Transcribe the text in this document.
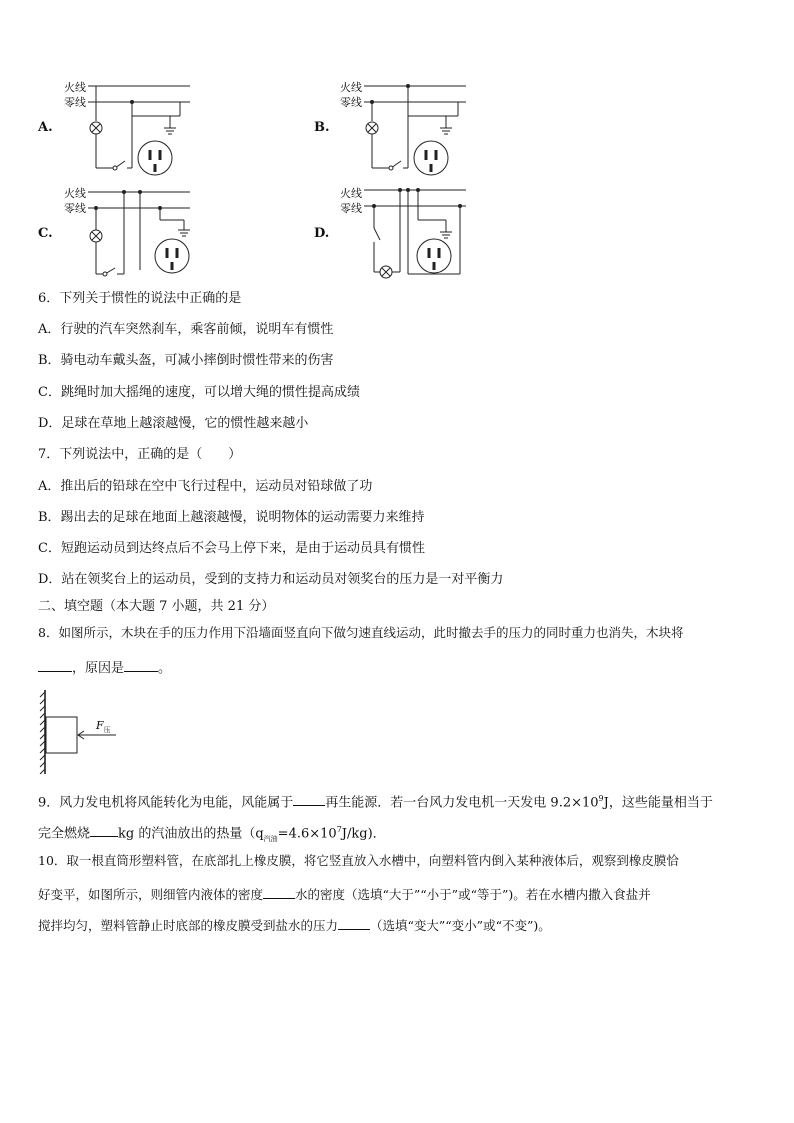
A.	B.
C.	D.
火线
零线
火线
零线
火线
零线
火线
零线
6．下列关于惯性的说法中正确的是
A．行驶的汽车突然刹车，乘客前倾，说明车有惯性
B．骑电动车戴头盔，可减小摔倒时惯性带来的伤害
C．跳绳时加大摇绳的速度，可以增大绳的惯性提高成绩
D．足球在草地上越滚越慢，它的惯性越来越小
7．下列说法中，正确的是（　　）
A．推出后的铅球在空中飞行过程中，运动员对铅球做了功
B．踢出去的足球在地面上越滚越慢，说明物体的运动需要力来维持
C．短跑运动员到达终点后不会马上停下来，是由于运动员具有惯性
D．站在领奖台上的运动员，受到的支持力和运动员对领奖台的压力是一对平衡力
二、填空题（本大题 7 小题，共 21 分）
8．如图所示，木块在手的压力作用下沿墙面竖直向下做匀速直线运动，此时撤去手的压力的同时重力也消失，木块将
，原因是	。
$F_压$
9．风力发电机将风能转化为电能，风能属于 再生能源．若一台风力发电机一天发电 $9.2\times 10^9J$，这些能量相当于
完全燃烧 kg 的汽油放出的热量$(q_{汽油}=4.6\times 10^7J/kg)$．
10．取一根直筒形塑料管，在底部扎上橡皮膜，将它竖直放入水槽中，向塑料管内倒入某种液体后，观察到橡皮膜恰
好变平，如图所示，则细管内液体的密度	水的密度（选填“大于”“小于”或“等于”)。若在水槽内撒入食盐并
搅拌均匀，塑料管静止时底部的橡皮膜受到盐水的压力	（选填“变大”“变小”或“不变”)。
